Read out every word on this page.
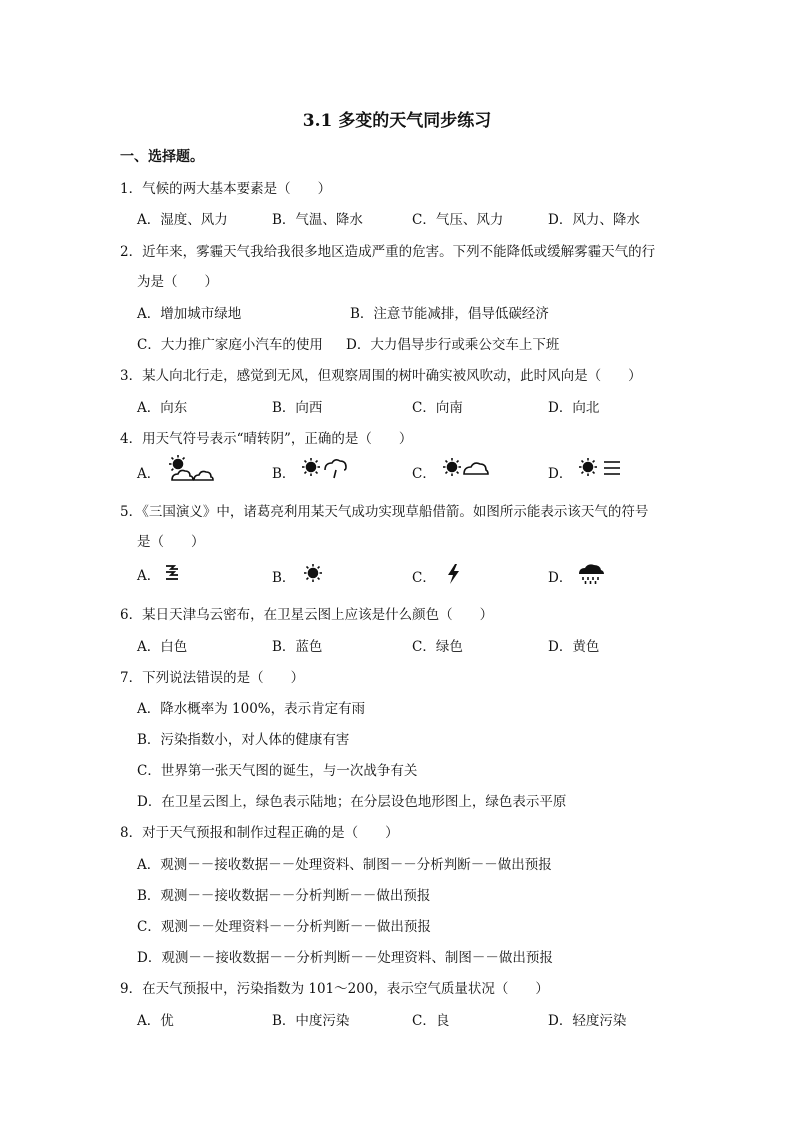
3.1 多变的天气同步练习
一、选择题。
1．气候的两大基本要素是（　　）
A．湿度、风力	B．气温、降水	C．气压、风力	D．风力、降水
2．近年来，雾霾天气我给我很多地区造成严重的危害。下列不能降低或缓解雾霾天气的行
为是（　　）
A．增加城市绿地	B．注意节能减排，倡导低碳经济
C．大力推广家庭小汽车的使用 D．大力倡导步行或乘公交车上下班
3．某人向北行走，感觉到无风，但观察周围的树叶确实被风吹动，此时风向是（　　）
A．向东	B．向西	C．向南	D．向北
4．用天气符号表示“晴转阴”，正确的是（　　）
A．	B．	C．	D．
5．《三国演义》中，诸葛亮利用某天气成功实现草船借箭。如图所示能表示该天气的符号
是（　　）
A．	B．	C．	D．
6．某日天津乌云密布，在卫星云图上应该是什么颜色（　　）
A．白色	B．蓝色	C．绿色	D．黄色
7．下列说法错误的是（　　）
A．降水概率为 100%，表示肯定有雨
B．污染指数小，对人体的健康有害
C．世界第一张天气图的诞生，与一次战争有关
D．在卫星云图上，绿色表示陆地；在分层设色地形图上，绿色表示平原
8．对于天气预报和制作过程正确的是（　　）
A．观测－－接收数据－－处理资料、制图－－分析判断－－做出预报
B．观测－－接收数据－－分析判断－－做出预报
C．观测－－处理资料－－分析判断－－做出预报
D．观测－－接收数据－－分析判断－－处理资料、制图－－做出预报
9．在天气预报中，污染指数为 101～200，表示空气质量状况（　　）
A．优	B．中度污染	C．良	D．轻度污染
